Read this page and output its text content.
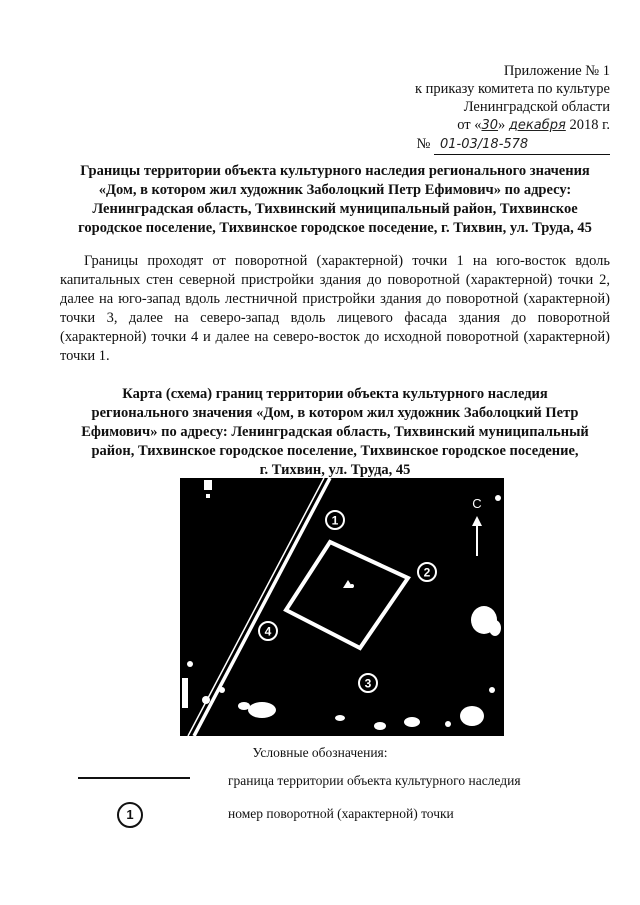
Приложение № 1
к приказу комитета по культуре
Ленинградской области
от «30» декабря 2018 г.
№ 01-03/18-578
Границы территории объекта культурного наследия регионального значения
«Дом, в котором жил художник Заболоцкий Петр Ефимович» по адресу:
Ленинградская область, Тихвинский муниципальный район, Тихвинское
городское поселение, Тихвинское городское поседение, г. Тихвин, ул. Труда, 45
Границы проходят от поворотной (характерной) точки 1 на юго-восток вдоль капитальных стен северной пристройки здания до поворотной (характерной) точки 2, далее на юго-запад вдоль лестничной пристройки здания до поворотной (характерной) точки 3, далее на северо-запад вдоль лицевого фасада здания до поворотной (характерной) точки 4 и далее на северо-восток до исходной поворотной (характерной) точки 1.
Карта (схема) границ территории объекта культурного наследия
регионального значения «Дом, в котором жил художник Заболоцкий Петр
Ефимович» по адресу: Ленинградская область, Тихвинский муниципальный
район, Тихвинское городское поселение, Тихвинское городское поседение,
г. Тихвин, ул. Труда, 45
С
1
2
3
4
Условные обозначения:
граница территории объекта культурного наследия
1	номер поворотной (характерной) точки
